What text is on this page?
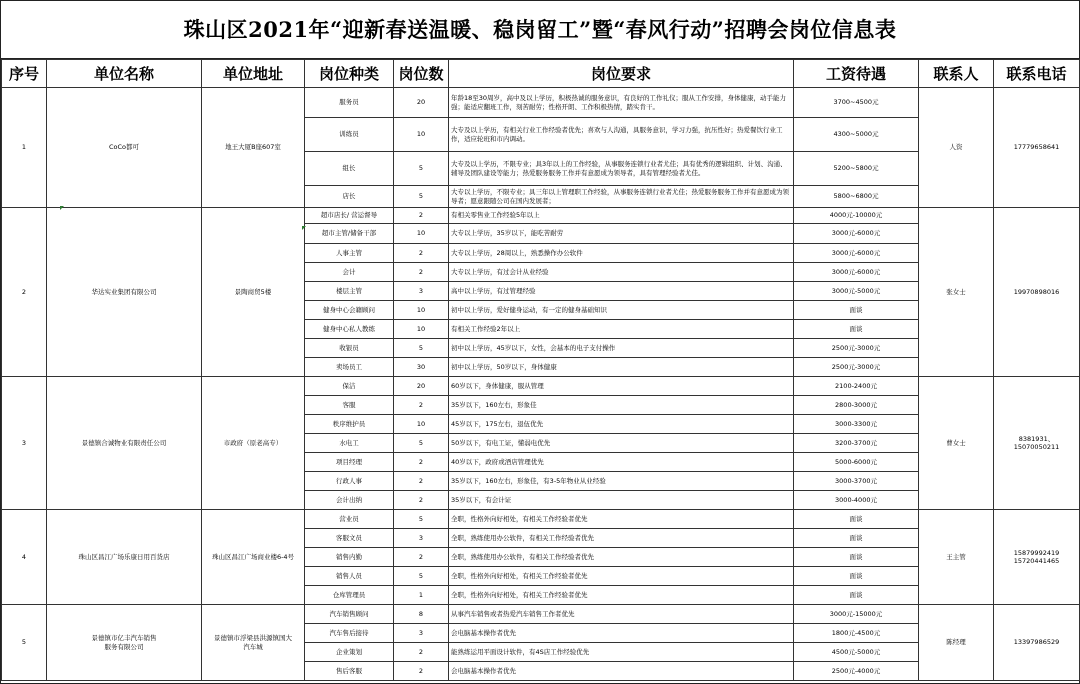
珠山区2021年“迎新春送温暖、稳岗留工”暨“春风行动”招聘会岗位信息表
序号	单位名称	单位地址	岗位种类	岗位数	岗位要求	工资待遇	联系人	联系电话
1	CoCo都可	地王大厦B座607室	服务员	20	年龄18至30周岁，高中及以上学历，积极热诚的服务意识，有良好的工作礼仪；服从工作安排，身体健康，动手能力强；能适应翻班工作，刻苦耐劳；性格开朗、工作积极热情，踏实肯干。	3700~4500元	人资	17779658641
			训练员	10	大专及以上学历，有相关行业工作经验者优先；喜欢与人沟通，具服务意识，学习力强，抗压性好；热爱餐饮行业工作，适应轮班和市内调动。	4300~5000元		
			组长	5	大专及以上学历，不限专业；具3年以上的工作经验，从事服务连锁行业者尤佳；具有优秀的逻辑组织、计划、沟通、辅导及团队建设等能力；热爱服务服务工作并有意愿成为领导者，具有管理经验者尤佳。	5200~5800元		
			店长	5	大专以上学历，不限专业；具三年以上管理职工作经验，从事服务连锁行业者尤佳；热爱服务服务工作并有意愿成为领导者；愿意跟随公司在国内发展者；	5800~6800元		
2	华达实业集团有限公司	景陶商贸5楼	超市店长/ 营运督导	2	有相关零售业工作经验5年以上	4000元-10000元	张女士	19970898016
			超市主管/储备干部	10	大专以上学历，35岁以下，能吃苦耐劳	3000元-6000元		
			人事主管	2	大专以上学历，28周以上，熟悉操作办公软件	3000元-6000元		
			会计	2	大专以上学历，有过会计从业经验	3000元-6000元		
			楼层主管	3	高中以上学历，有过管理经验	3000元-5000元		
			健身中心会籍顾问	10	初中以上学历，爱好健身运动，有一定的健身基础知识	面谈		
			健身中心私人教练	10	有相关工作经验2年以上	面谈		
			收银员	5	初中以上学历，45岁以下，女性，会基本的电子支付操作	2500元-3000元		
			卖场员工	30	初中以上学历，50岁以下，身体健康	2500元-3000元		
3	景德镇合诚物业有限责任公司	市政府（原老高专）	保洁	20	60岁以下，身体健康，服从管理	2100-2400元	曹女士	8381931、
15070050211
			客服	2	35岁以下，160左右，形象佳	2800-3000元		
			秩序维护员	10	45岁以下，175左右，退伍优先	3000-3300元		
			水电工	5	50岁以下，有电工证，懂弱电优先	3200-3700元		
			项目经理	2	40岁以下，政府或酒店管理优先	5000-6000元		
			行政人事	2	35岁以下，160左右，形象佳，有3-5年物业从业经验	3000-3700元		
			会计出纳	2	35岁以下，有会计证	3000-4000元		
4	珠山区昌江广场乐康日用百货店	珠山区昌江广场商业楼6-4号	营业员	5	全职，性格外向好相处，有相关工作经验者优先	面谈	王主管	15879992419
15720441465
			客服文员	3	全职，熟练使用办公软件，有相关工作经验者优先	面谈		
			销售内勤	2	全职，熟练使用办公软件，有相关工作经验者优先	面谈		
			销售人员	5	全职，性格外向好相处，有相关工作经验者优先	面谈		
			仓库管理员	1	全职，性格外向好相处，有相关工作经验者优先	面谈		
5	景德镇市亿丰汽车销售
服务有限公司	景德镇市浮梁县洪源镇国大
汽车城	汽车销售顾问	8	从事汽车销售或者热爱汽车销售工作者优先	3000元-15000元	陈经理	13397986529
			汽车售后接待	3	会电脑基本操作者优先	1800元-4500元		
			企业策划	2	能熟练运用平面设计软件，有4S店工作经验优先	4500元-5000元		
			售后客服	2	会电脑基本操作者优先	2500元-4000元		
